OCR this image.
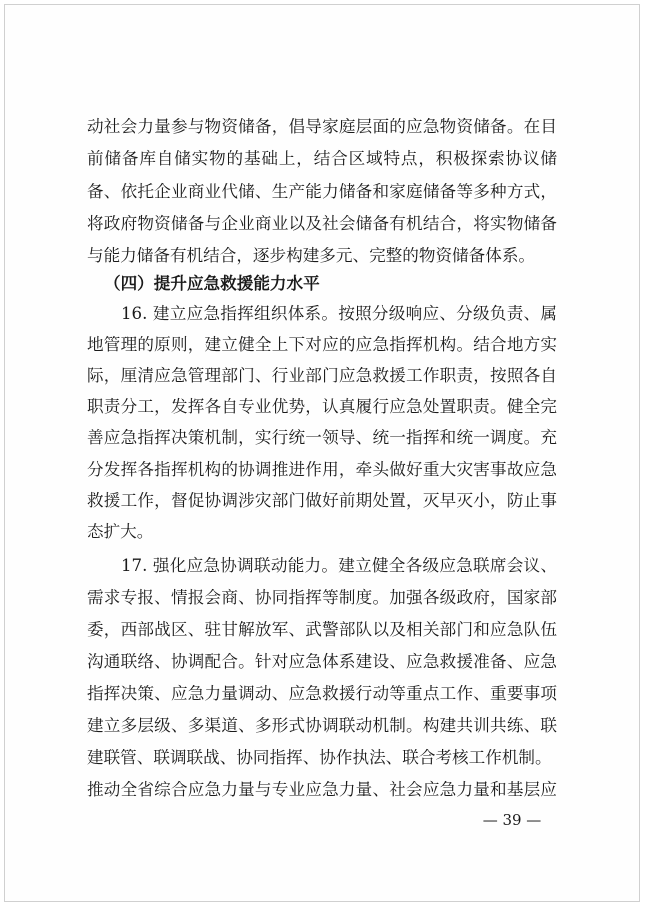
动社会力量参与物资储备，倡导家庭层面的应急物资储备。在目
前储备库自储实物的基础上，结合区域特点，积极探索协议储
备、依托企业商业代储、生产能力储备和家庭储备等多种方式，
将政府物资储备与企业商业以及社会储备有机结合，将实物储备
与能力储备有机结合，逐步构建多元、完整的物资储备体系。
（四）提升应急救援能力水平
16. 建立应急指挥组织体系。按照分级响应、分级负责、属
地管理的原则，建立健全上下对应的应急指挥机构。结合地方实
际，厘清应急管理部门、行业部门应急救援工作职责，按照各自
职责分工，发挥各自专业优势，认真履行应急处置职责。健全完
善应急指挥决策机制，实行统一领导、统一指挥和统一调度。充
分发挥各指挥机构的协调推进作用，牵头做好重大灾害事故应急
救援工作，督促协调涉灾部门做好前期处置，灭早灭小，防止事
态扩大。
17. 强化应急协调联动能力。建立健全各级应急联席会议、
需求专报、情报会商、协同指挥等制度。加强各级政府，国家部
委，西部战区、驻甘解放军、武警部队以及相关部门和应急队伍
沟通联络、协调配合。针对应急体系建设、应急救援准备、应急
指挥决策、应急力量调动、应急救援行动等重点工作、重要事项
建立多层级、多渠道、多形式协调联动机制。构建共训共练、联
建联管、联调联战、协同指挥、协作执法、联合考核工作机制。
推动全省综合应急力量与专业应急力量、社会应急力量和基层应
— 39 —
